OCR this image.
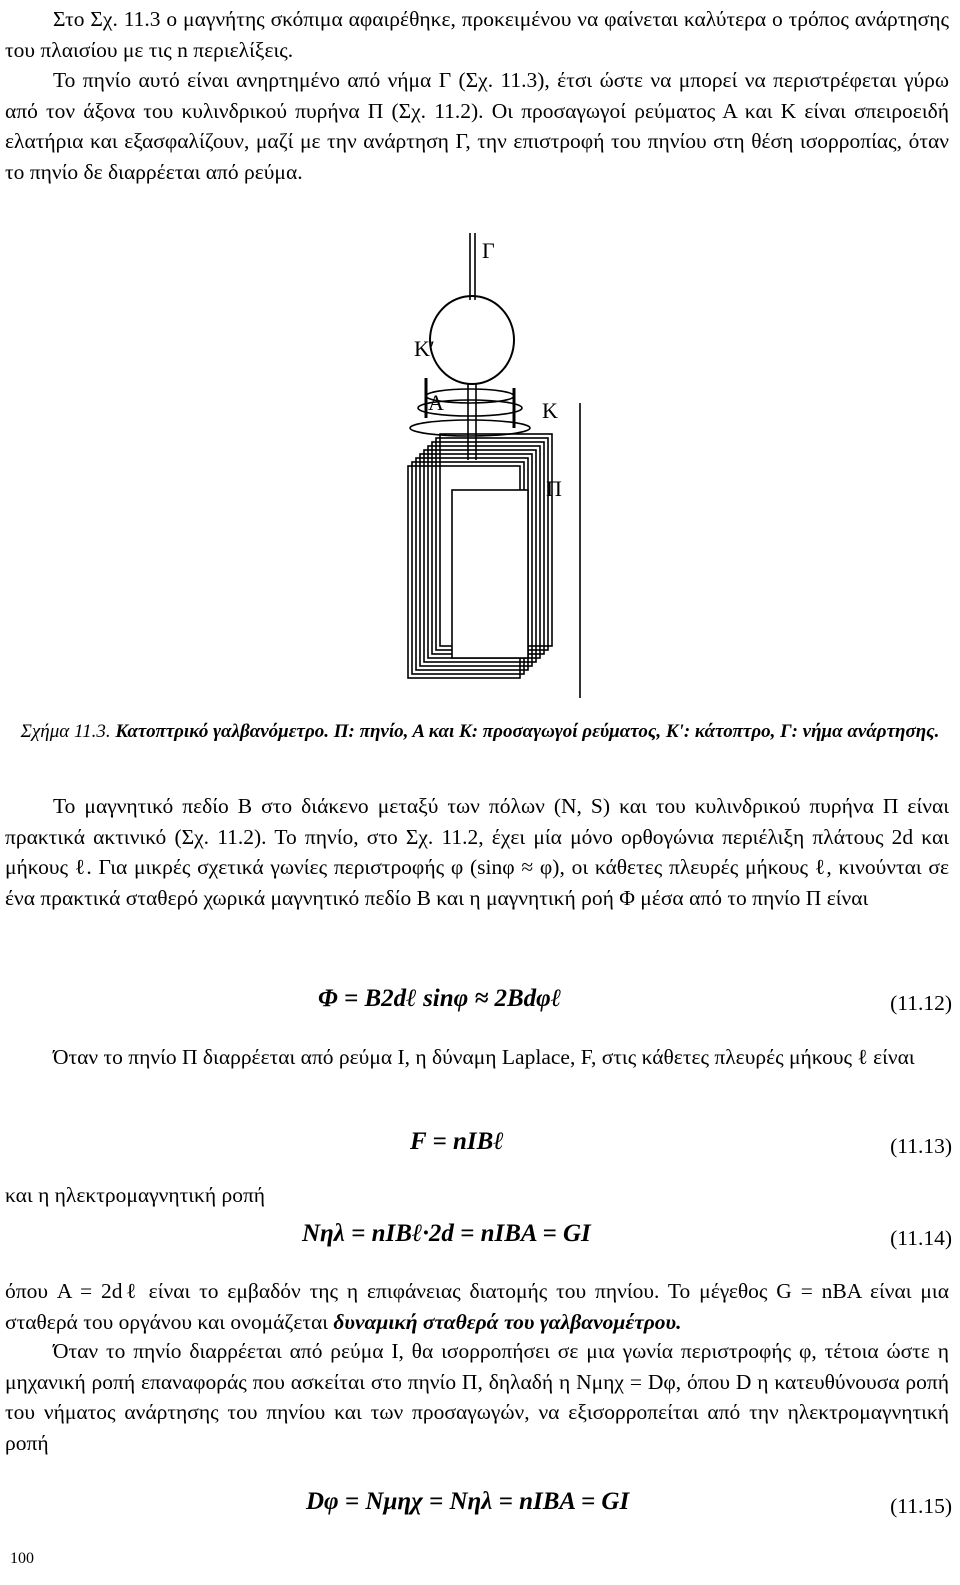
Στο Σχ. 11.3 ο μαγνήτης σκόπιμα αφαιρέθηκε, προκειμένου να φαίνεται καλύτερα ο τρόπος ανάρτησης του πλαισίου με τις n περιελίξεις.

Το πηνίο αυτό είναι ανηρτημένο από νήμα Γ (Σχ. 11.3), έτσι ώστε να μπορεί να περιστρέφεται γύρω από τον άξονα του κυλινδρικού πυρήνα Π (Σχ. 11.2). Οι προσαγωγοί ρεύματος Α και Κ είναι σπειροειδή ελατήρια και εξασφαλίζουν, μαζί με την ανάρτηση Γ, την επιστροφή του πηνίου στη θέση ισορροπίας, όταν το πηνίο δε διαρρέεται από ρεύμα.

Γ
Κ′
Α	Κ
Π
Σχήμα 11.3. Κατοπτρικό γαλβανόμετρο. Π: πηνίο, Α και Κ: προσαγωγοί ρεύματος, Κ': κάτοπτρο, Γ: νήμα ανάρτησης.

Το μαγνητικό πεδίο B στο διάκενο μεταξύ των πόλων (N, S) και του κυλινδρικού πυρήνα Π είναι πρακτικά ακτινικό (Σχ. 11.2). Το πηνίο, στο Σχ. 11.2, έχει μία μόνο ορθογώνια περιέλιξη πλάτους 2d και μήκους ℓ. Για μικρές σχετικά γωνίες περιστροφής φ (sinφ ≈ φ), οι κάθετες πλευρές μήκους ℓ, κινούνται σε ένα πρακτικά σταθερό χωρικά μαγνητικό πεδίο B και η μαγνητική ροή Φ μέσα από το πηνίο Π είναι

Φ = B2dℓ sinφ ≈ 2Bdφℓ	(11.12)

Όταν το πηνίο Π διαρρέεται από ρεύμα I, η δύναμη Laplace, F, στις κάθετες πλευρές μήκους ℓ είναι

F = nIBℓ	(11.13)

και η ηλεκτρομαγνητική ροπή

Nηλ = nIBℓ·2d = nIBA = GI	(11.14)

όπου A = 2dℓ είναι το εμβαδόν της η επιφάνειας διατομής του πηνίου. Το μέγεθος G = nBA είναι μια σταθερά του οργάνου και ονομάζεται δυναμική σταθερά του γαλβανομέτρου.

Όταν το πηνίο διαρρέεται από ρεύμα I, θα ισορροπήσει σε μια γωνία περιστροφής φ, τέτοια ώστε η μηχανική ροπή επαναφοράς που ασκείται στο πηνίο Π, δηλαδή η Nμηχ = Dφ, όπου D η κατευθύνουσα ροπή του νήματος ανάρτησης του πηνίου και των προσαγωγών, να εξισορροπείται από την ηλεκτρομαγνητική ροπή

Dφ = Nμηχ = Nηλ = nIBA = GI	(11.15)
100
